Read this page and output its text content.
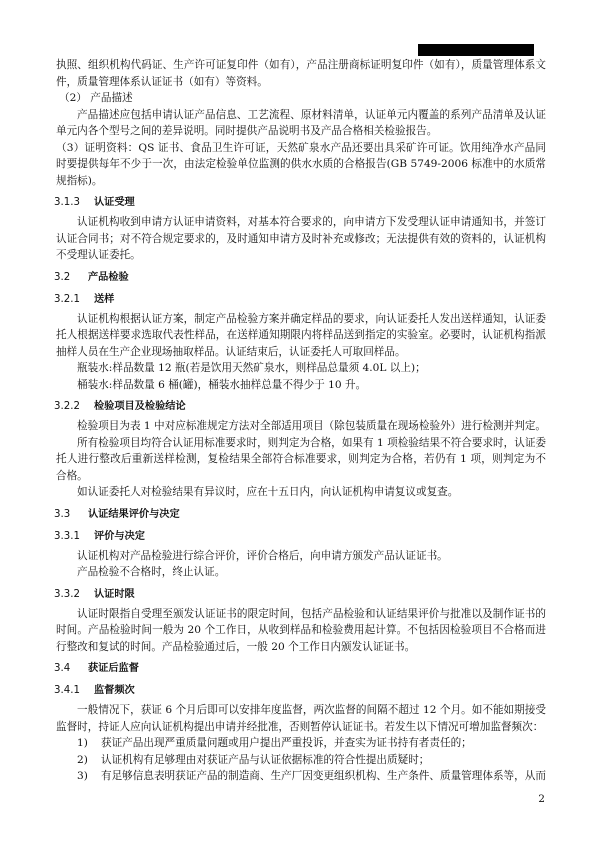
执照、组织机构代码证、生产许可证复印件（如有），产品注册商标证明复印件（如有），质量管理体系文件，质量管理体系认证证书（如有）等资料。

（2） 产品描述

产品描述应包括申请认证产品信息、工艺流程、原材料清单，认证单元内覆盖的系列产品清单及认证单元内各个型号之间的差异说明。同时提供产品说明书及产品合格相关检验报告。

（3）证明资料：QS 证书、食品卫生许可证，天然矿泉水产品还要出具采矿许可证。饮用纯净水产品同时要提供每年不少于一次，由法定检验单位监测的供水水质的合格报告(GB 5749-2006 标准中的水质常规指标)。

3.1.3 认证受理

认证机构收到申请方认证申请资料，对基本符合要求的，向申请方下发受理认证申请通知书，并签订认证合同书；对不符合规定要求的，及时通知申请方及时补充或修改；无法提供有效的资料的，认证机构不受理认证委托。

3.2 产品检验
3.2.1 送样

认证机构根据认证方案，制定产品检验方案并确定样品的要求，向认证委托人发出送样通知，认证委托人根据送样要求选取代表性样品，在送样通知期限内将样品送到指定的实验室。必要时，认证机构指派抽样人员在生产企业现场抽取样品。认证结束后，认证委托人可取回样品。

瓶装水:样品数量 12 瓶(若是饮用天然矿泉水，则样品总量须 4.0L 以上)；

桶装水:样品数量 6 桶(罐)，桶装水抽样总量不得少于 10 升。

3.2.2 检验项目及检验结论

检验项目为表 1 中对应标准规定方法对全部适用项目（除包装质量在现场检验外）进行检测并判定。

所有检验项目均符合认证用标准要求时，则判定为合格，如果有 1 项检验结果不符合要求时，认证委托人进行整改后重新送样检测，复检结果全部符合标准要求，则判定为合格，若仍有 1 项，则判定为不合格。

如认证委托人对检验结果有异议时，应在十五日内，向认证机构申请复议或复查。

3.3 认证结果评价与决定
3.3.1 评价与决定

认证机构对产品检验进行综合评价，评价合格后，向申请方颁发产品认证证书。

产品检验不合格时，终止认证。

3.3.2 认证时限

认证时限指自受理至颁发认证证书的限定时间，包括产品检验和认证结果评价与批准以及制作证书的时间。产品检验时间一般为 20 个工作日，从收到样品和检验费用起计算。不包括因检验项目不合格而进行整改和复试的时间。产品检验通过后，一般 20 个工作日内颁发认证证书。

3.4 获证后监督
3.4.1 监督频次

一般情况下，获证 6 个月后即可以安排年度监督，两次监督的间隔不超过 12 个月。如不能如期接受监督时，持证人应向认证机构提出申请并经批准，否则暂停认证证书。若发生以下情况可增加监督频次：

1)	获证产品出现严重质量问题或用户提出严重投诉，并查实为证书持有者责任的；
2)	认证机构有足够理由对获证产品与认证依据标准的符合性提出质疑时；
3)	有足够信息表明获证产品的制造商、生产厂因变更组织机构、生产条件、质量管理体系等，从而
2
